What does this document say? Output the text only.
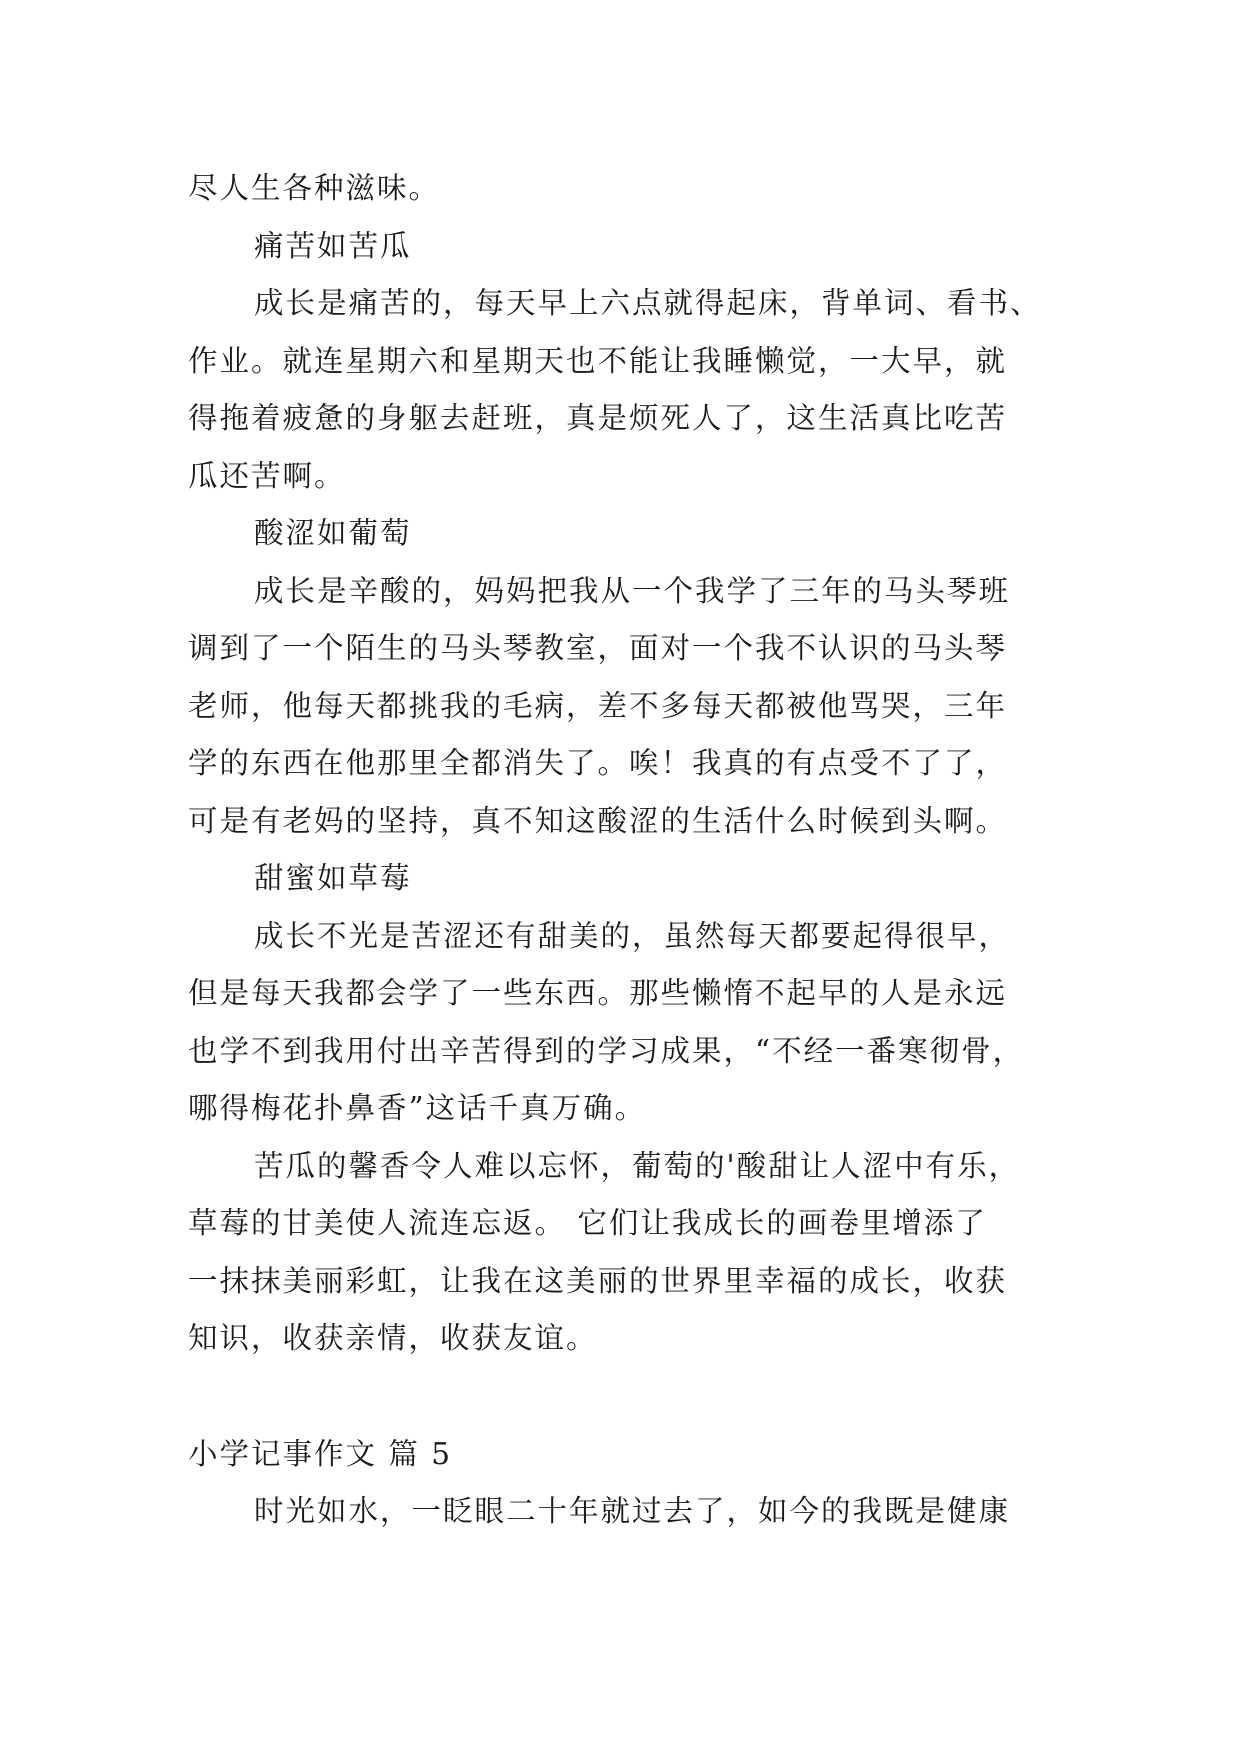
尽人生各种滋味。
痛苦如苦瓜
成长是痛苦的，每天早上六点就得起床，背单词、看书、
作业。就连星期六和星期天也不能让我睡懒觉，一大早，就
得拖着疲惫的身躯去赶班，真是烦死人了，这生活真比吃苦
瓜还苦啊。
酸涩如葡萄
成长是辛酸的，妈妈把我从一个我学了三年的马头琴班
调到了一个陌生的马头琴教室，面对一个我不认识的马头琴
老师，他每天都挑我的毛病，差不多每天都被他骂哭，三年
学的东西在他那里全都消失了。唉！我真的有点受不了了，
可是有老妈的坚持，真不知这酸涩的生活什么时候到头啊。
甜蜜如草莓
成长不光是苦涩还有甜美的，虽然每天都要起得很早，
但是每天我都会学了一些东西。那些懒惰不起早的人是永远
也学不到我用付出辛苦得到的学习成果，“不经一番寒彻骨，
哪得梅花扑鼻香”这话千真万确。
苦瓜的馨香令人难以忘怀，葡萄的'酸甜让人涩中有乐，
草莓的甘美使人流连忘返。 它们让我成长的画卷里增添了
一抹抹美丽彩虹，让我在这美丽的世界里幸福的成长，收获
知识，收获亲情，收获友谊。
小学记事作文 篇 5
时光如水，一眨眼二十年就过去了，如今的我既是健康
